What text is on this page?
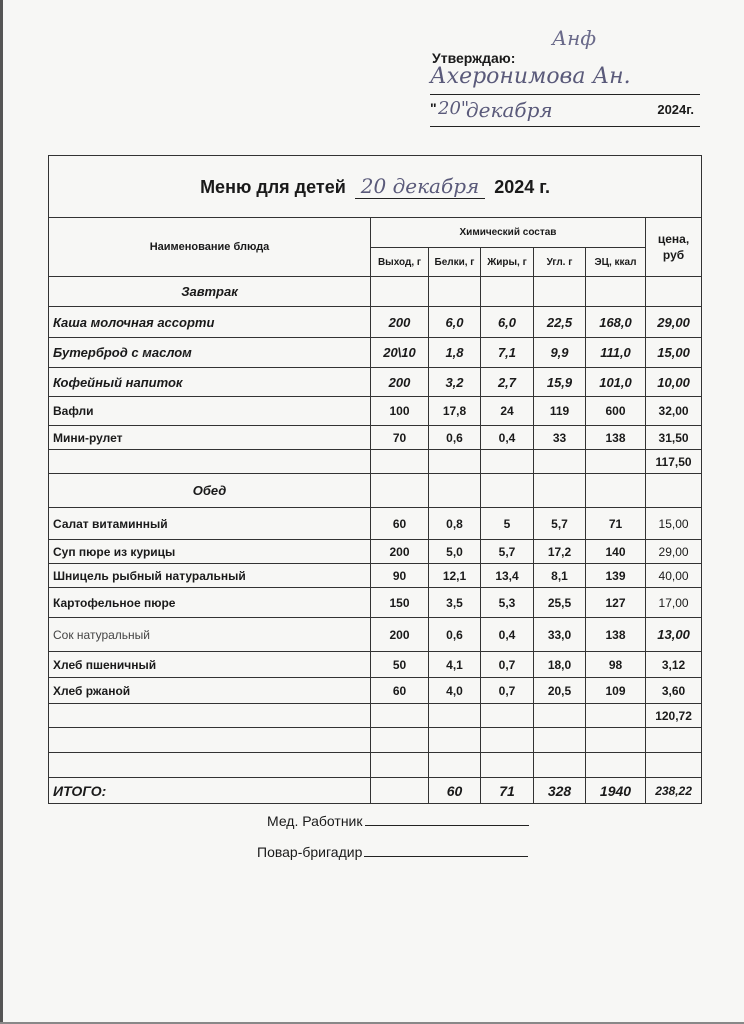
Утверждаю:
Анф
Ахеронимова Ан.
" 20"
декабря	2024г.
Меню для детей 20 декабря 2024 г.						
Наименование блюда	Химический состав					цена, руб
	Выход, г	Белки, г	Жиры, г	Угл. г	ЭЦ, ккал	
Завтрак						
Каша молочная ассорти	200	6,0	6,0	22,5	168,0	29,00
Бутерброд с маслом	20\10	1,8	7,1	9,9	111,0	15,00
Кофейный напиток	200	3,2	2,7	15,9	101,0	10,00
Вафли	100	17,8	24	119	600	32,00
Мини-рулет	70	0,6	0,4	33	138	31,50
						117,50
Обед						
Салат витаминный	60	0,8	5	5,7	71	15,00
Суп пюре из курицы	200	5,0	5,7	17,2	140	29,00
Шницель рыбный натуральный	90	12,1	13,4	8,1	139	40,00
Картофельное пюре	150	3,5	5,3	25,5	127	17,00
Сок натуральный	200	0,6	0,4	33,0	138	13,00
Хлеб пшеничный	50	4,1	0,7	18,0	98	3,12
Хлеб ржаной	60	4,0	0,7	20,5	109	3,60
						120,72

ИТОГО:		60	71	328	1940	238,22
Мед. Работник
Повар-бригадир
